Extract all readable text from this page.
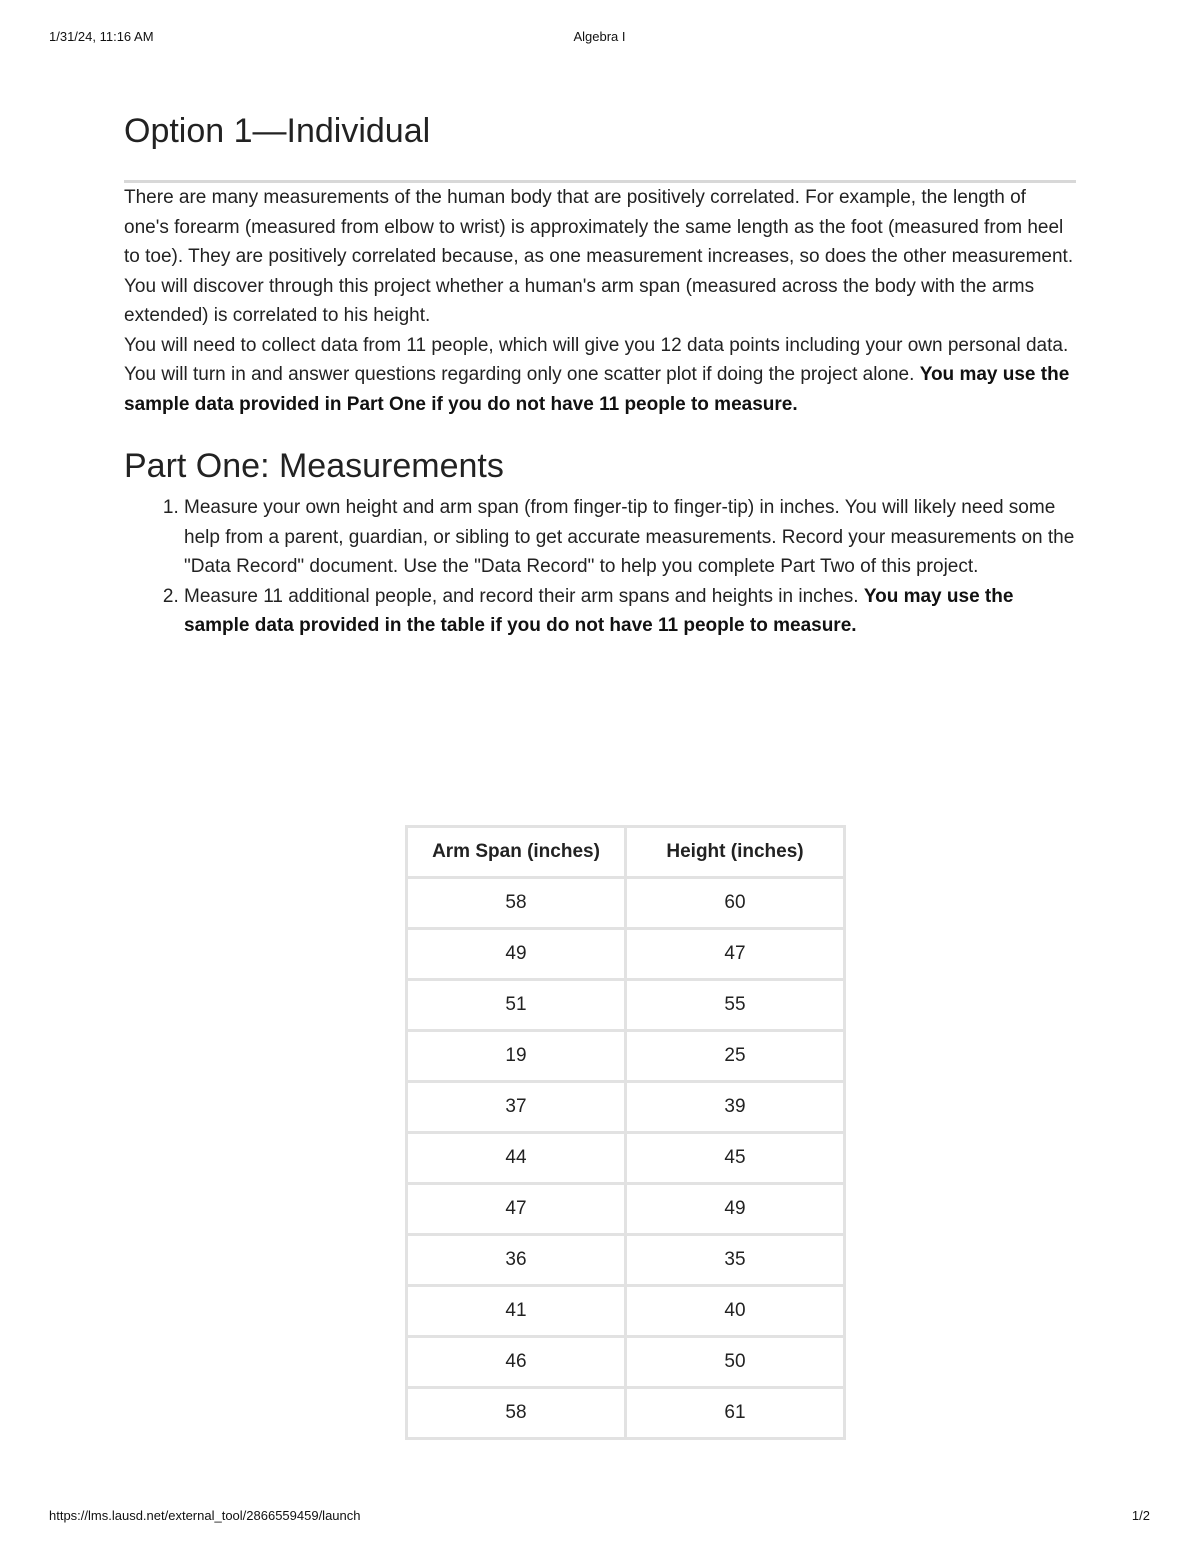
1/31/24, 11:16 AM	Algebra I
Option 1—Individual

There are many measurements of the human body that are positively correlated. For example, the length of one's forearm (measured from elbow to wrist) is approximately the same length as the foot (measured from heel to toe). They are positively correlated because, as one measurement increases, so does the other measurement.

You will discover through this project whether a human's arm span (measured across the body with the arms extended) is correlated to his height.

You will need to collect data from 11 people, which will give you 12 data points including your own personal data. You will turn in and answer questions regarding only one scatter plot if doing the project alone. You may use the sample data provided in Part One if you do not have 11 people to measure.

Part One: Measurements
1. Measure your own height and arm span (from finger-tip to finger-tip) in inches. You will likely need some help from a parent, guardian, or sibling to get accurate measurements. Record your measurements on the "Data Record" document. Use the "Data Record" to help you complete Part Two of this project.
2. Measure 11 additional people, and record their arm spans and heights in inches. You may use the sample data provided in the table if you do not have 11 people to measure.
Arm Span (inches)	Height (inches)
58	60
49	47
51	55
19	25
37	39
44	45
47	49
36	35
41	40
46	50
58	61
https://lms.lausd.net/external_tool/2866559459/launch	1/2
